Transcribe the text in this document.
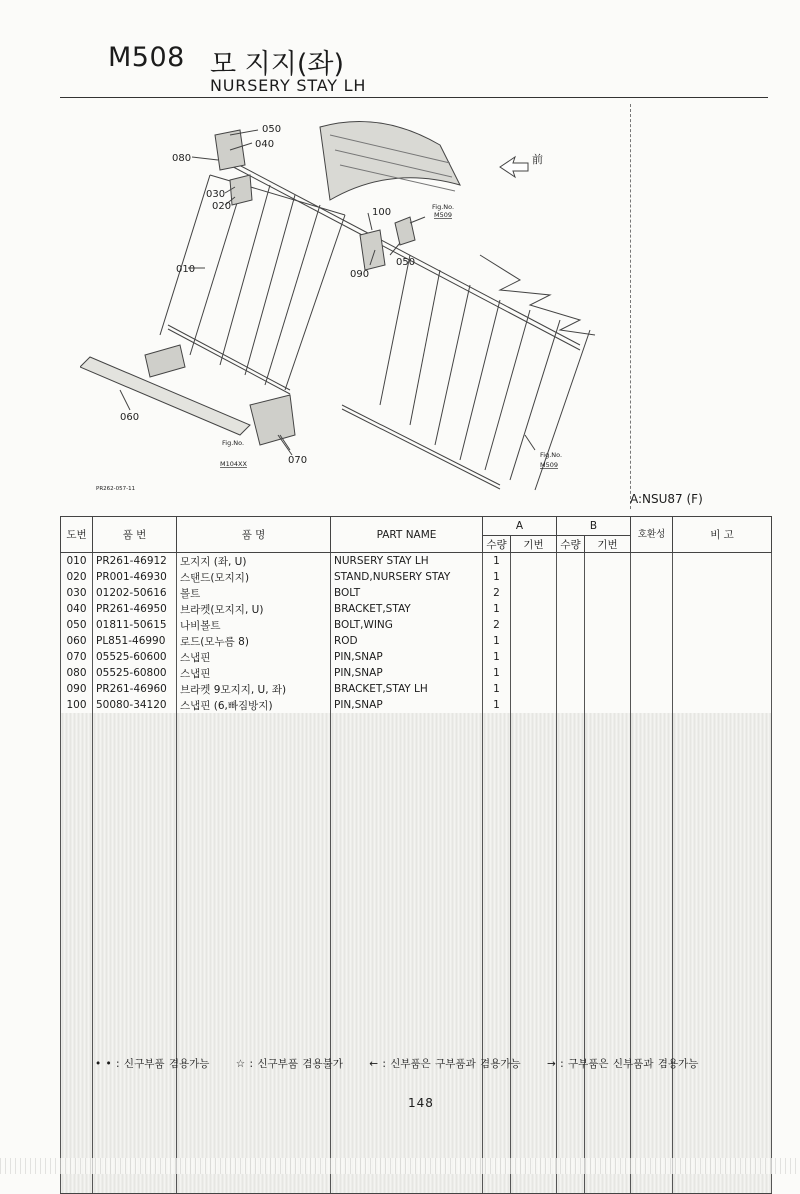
M508 모 지지(좌)
NURSERY STAY LH
050
040
080
030
020
010
100
090
050
060
070
前
Fig.No.
M509
Fig.No.
M104XX
Fig.No.
M509
PR262-057-11
A:NSU87 (F)
도번	품 번	품 명	PART NAME	A		B		호환성	비 고
				수량	기번	수량	기번		
010	PR261-46912	모지지 (좌, U)	NURSERY STAY LH	1					
020	PR001-46930	스탠드(모지지)	STAND,NURSERY STAY	1					
030	01202-50616	볼트	BOLT	2					
040	PR261-46950	브라켓(모지지, U)	BRACKET,STAY	1					
050	01811-50615	나비볼트	BOLT,WING	2					
060	PL851-46990	로드(모누름 8)	ROD	1					
070	05525-60600	스냅핀	PIN,SNAP	1					
080	05525-60800	스냅핀	PIN,SNAP	1					
090	PR261-46960	브라켓 9모지지, U, 좌)	BRACKET,STAY LH	1					
100	50080-34120	스냅핀 (6,빠짐방지)	PIN,SNAP	1					

• • : 신구부품 겸용가능	☆ : 신구부품 겸용불가	← : 신부품은 구부품과 겸용가능	→ : 구부품은 신부품과 겸용가능
148
